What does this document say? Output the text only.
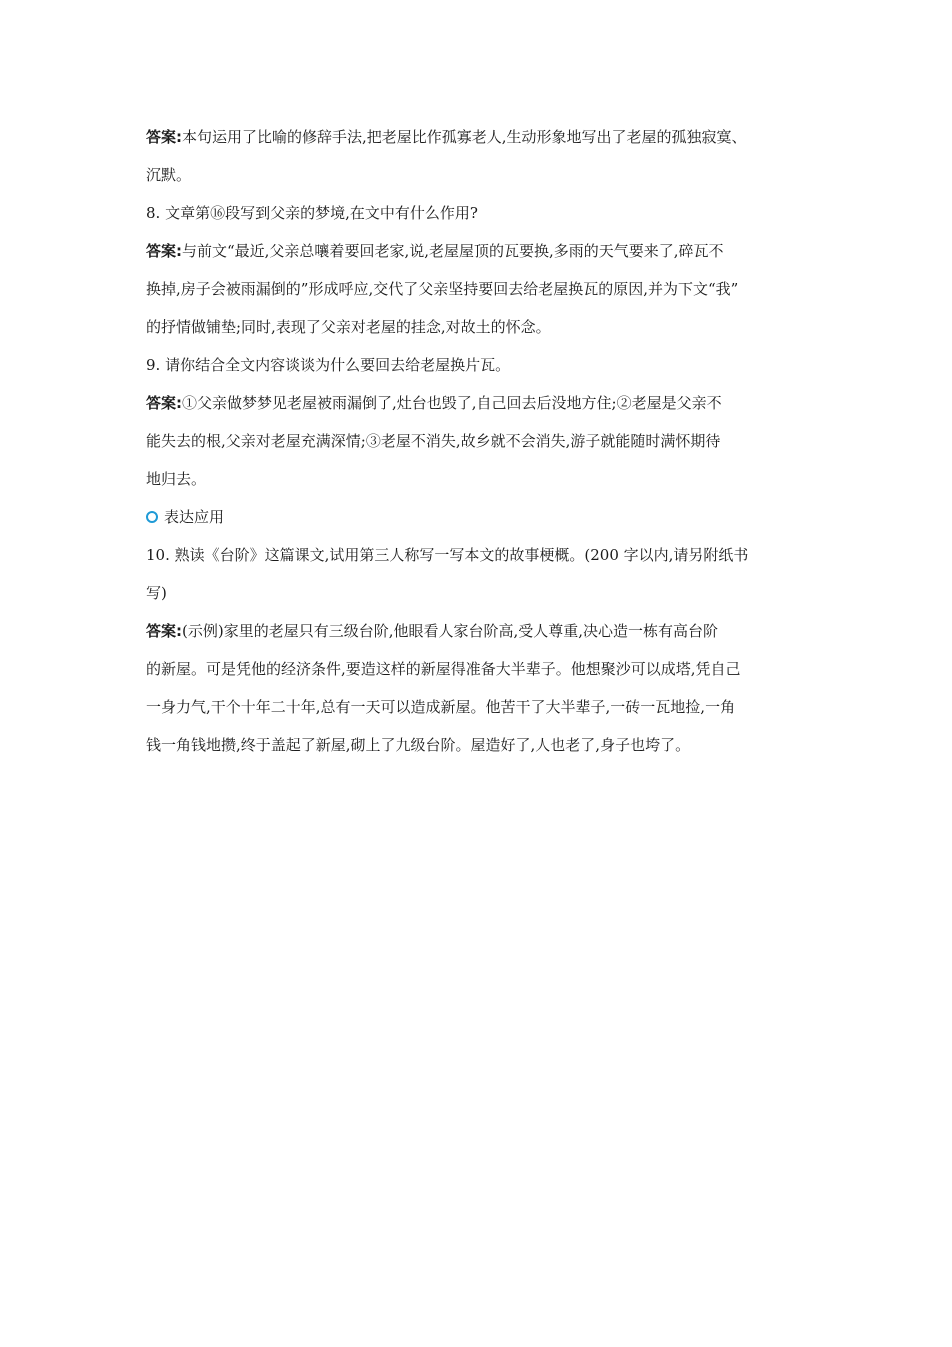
答案:本句运用了比喻的修辞手法,把老屋比作孤寡老人,生动形象地写出了老屋的孤独寂寞、
沉默。
8. 文章第⑯段写到父亲的梦境,在文中有什么作用?
答案:与前文“最近,父亲总嚷着要回老家,说,老屋屋顶的瓦要换,多雨的天气要来了,碎瓦不
换掉,房子会被雨漏倒的”形成呼应,交代了父亲坚持要回去给老屋换瓦的原因,并为下文“我”
的抒情做铺垫;同时,表现了父亲对老屋的挂念,对故土的怀念。
9. 请你结合全文内容谈谈为什么要回去给老屋换片瓦。
答案:①父亲做梦梦见老屋被雨漏倒了,灶台也毁了,自己回去后没地方住;②老屋是父亲不
能失去的根,父亲对老屋充满深情;③老屋不消失,故乡就不会消失,游子就能随时满怀期待
地归去。
表达应用
10. 熟读《台阶》这篇课文,试用第三人称写一写本文的故事梗概。(200 字以内,请另附纸书
写)
答案:(示例)家里的老屋只有三级台阶,他眼看人家台阶高,受人尊重,决心造一栋有高台阶
的新屋。可是凭他的经济条件,要造这样的新屋得准备大半辈子。他想聚沙可以成塔,凭自己
一身力气,干个十年二十年,总有一天可以造成新屋。他苦干了大半辈子,一砖一瓦地捡,一角
钱一角钱地攒,终于盖起了新屋,砌上了九级台阶。屋造好了,人也老了,身子也垮了。
